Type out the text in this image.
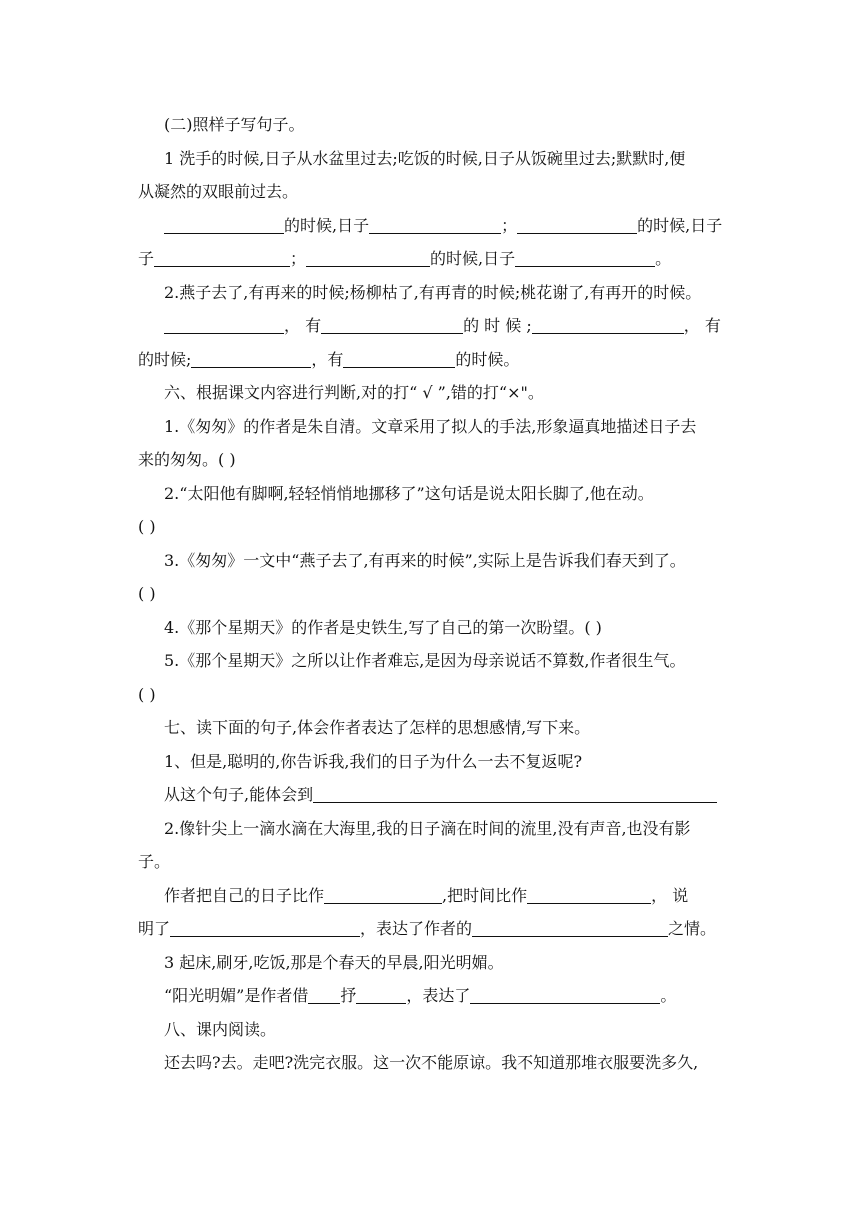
(二)照样子写句子。
1 洗手的时候,日子从水盆里过去;吃饭的时候,日子从饭碗里过去;默默时,便
从凝然的双眼前过去。
的时候,日子	；	的时候,日子
子	；	的时候,日子	。
2.燕子去了,有再来的时候;杨柳枯了,有再青的时候;桃花谢了,有再开的时候。
， 有	的 时 候 ;	， 有
的时候;	，有	的时候。
六、根据课文内容进行判断,对的打“ √ ”,错的打“×"。
1.《匆匆》的作者是朱自清。文章采用了拟人的手法,形象逼真地描述日子去
来的匆匆。( )
2.“太阳他有脚啊,轻轻悄悄地挪移了”这句话是说太阳长脚了,他在动。
( )
3.《匆匆》一文中“燕子去了,有再来的时候”,实际上是告诉我们春天到了。
( )
4.《那个星期天》的作者是史铁生,写了自己的第一次盼望。( )
5.《那个星期天》之所以让作者难忘,是因为母亲说话不算数,作者很生气。
( )
七、读下面的句子,体会作者表达了怎样的思想感情,写下来。
1、但是,聪明的,你告诉我,我们的日子为什么一去不复返呢?
从这个句子,能体会到
2.像针尖上一滴水滴在大海里,我的日子滴在时间的流里,没有声音,也没有影
子。
作者把自己的日子比作	,把时间比作	， 说
明了	，表达了作者的	之情。
3 起床,刷牙,吃饭,那是个春天的早晨,阳光明媚。
“阳光明媚”是作者借 抒	，表达了	。
八、课内阅读。
还去吗?去。走吧?洗完衣服。这一次不能原谅。我不知道那堆衣服要洗多久,
